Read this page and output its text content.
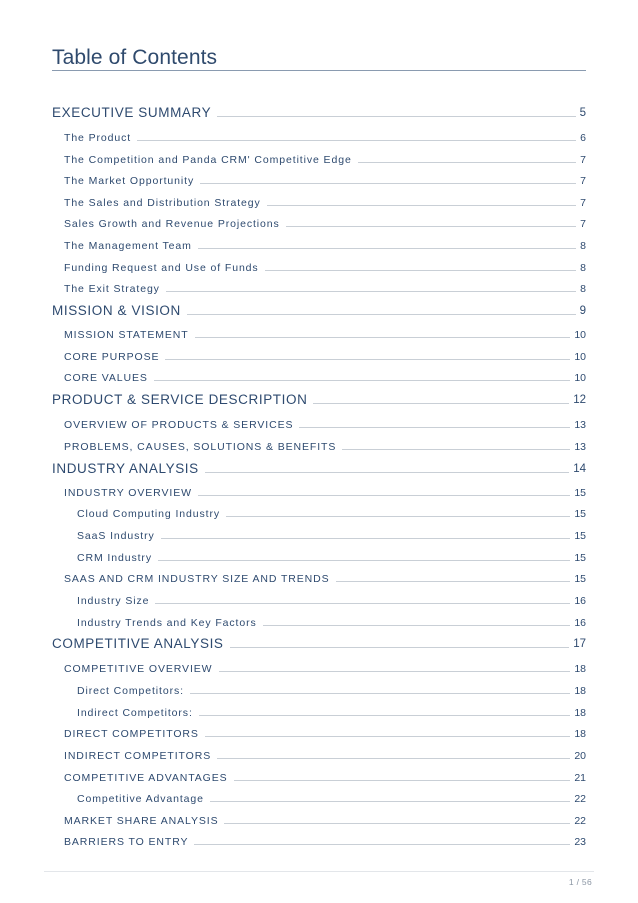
Table of Contents
EXECUTIVE SUMMARY	5
The Product	6
The Competition and Panda CRM' Competitive Edge	7
The Market Opportunity	7
The Sales and Distribution Strategy	7
Sales Growth and Revenue Projections	7
The Management Team	8
Funding Request and Use of Funds	8
The Exit Strategy	8
MISSION & VISION	9
MISSION STATEMENT	10
CORE PURPOSE	10
CORE VALUES	10
PRODUCT & SERVICE DESCRIPTION	12
OVERVIEW OF PRODUCTS & SERVICES	13
PROBLEMS, CAUSES, SOLUTIONS & BENEFITS	13
INDUSTRY ANALYSIS	14
INDUSTRY OVERVIEW	15
Cloud Computing Industry	15
SaaS Industry	15
CRM Industry	15
SAAS AND CRM INDUSTRY SIZE AND TRENDS	15
Industry Size	16
Industry Trends and Key Factors	16
COMPETITIVE ANALYSIS	17
COMPETITIVE OVERVIEW	18
Direct Competitors:	18
Indirect Competitors:	18
DIRECT COMPETITORS	18
INDIRECT COMPETITORS	20
COMPETITIVE ADVANTAGES	21
Competitive Advantage	22
MARKET SHARE ANALYSIS	22
BARRIERS TO ENTRY	23
1 / 56
